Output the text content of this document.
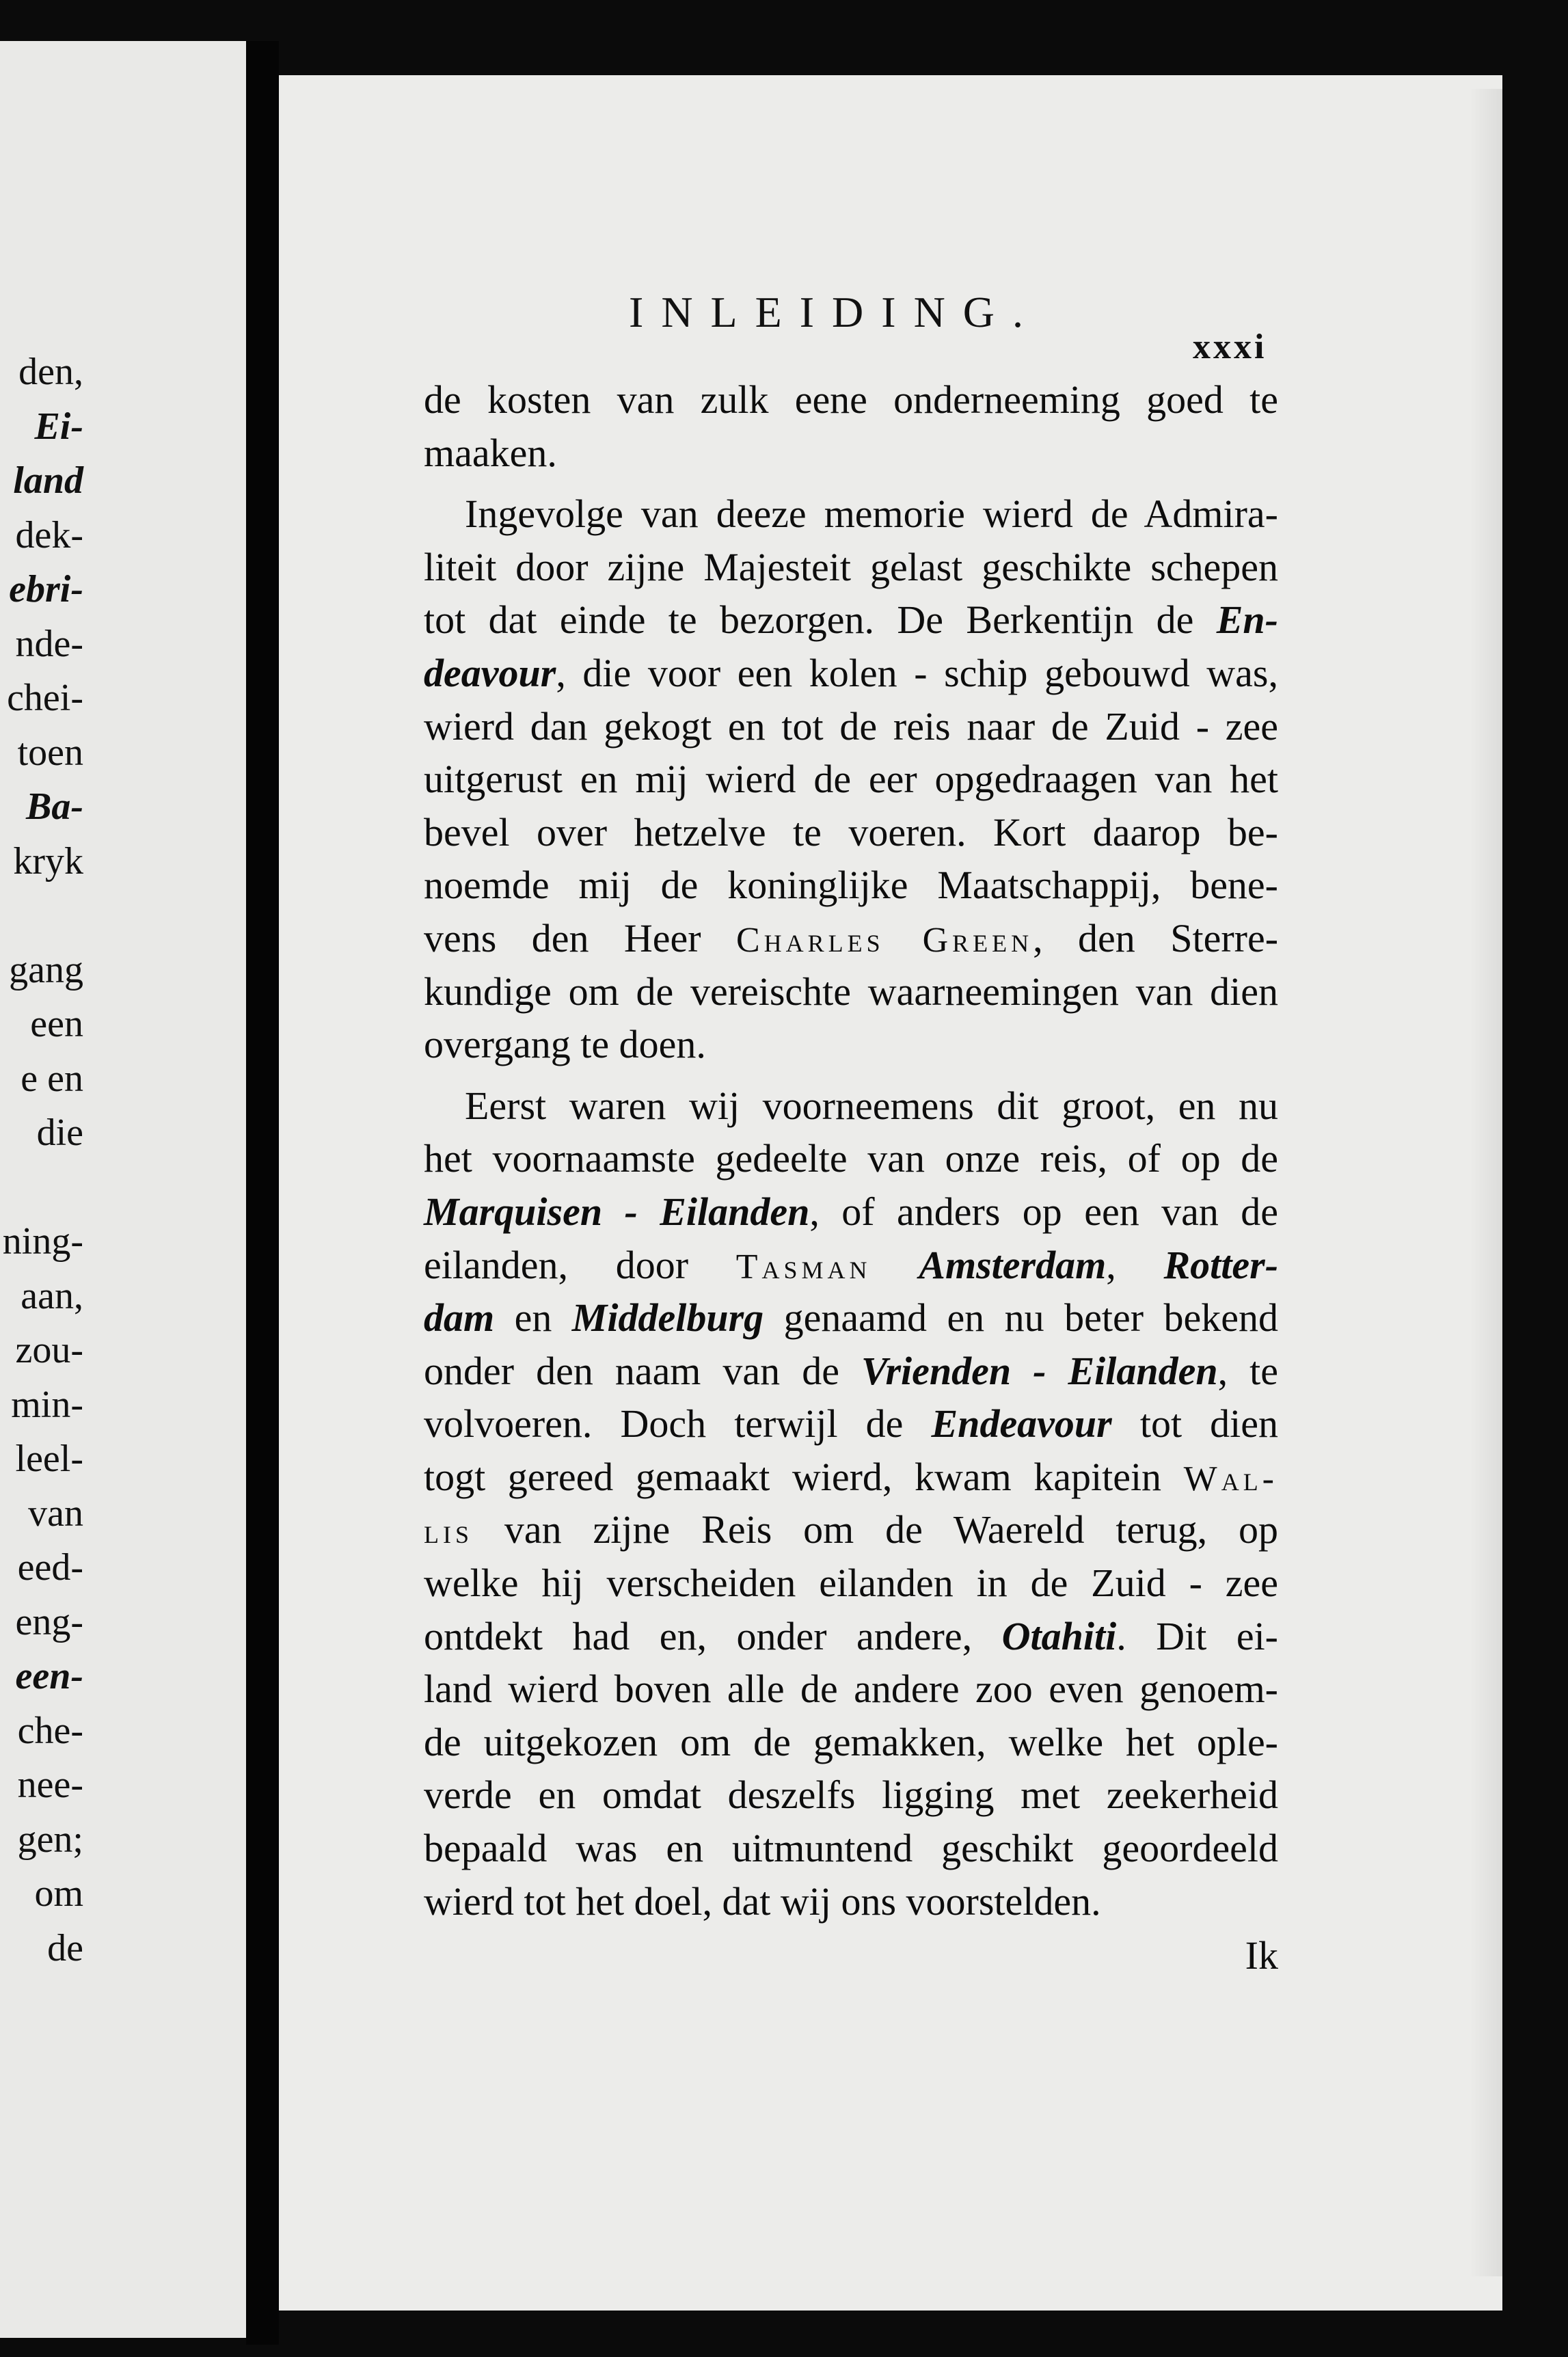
den,
Ei-
land
dek-
ebri-
nde-
chei-
toen
Ba-
kryk
gang
een
e en
die
ning-
aan,
zou-
min-
leel-
van
eed-
eng-
een-
che-
nee-
gen;
om
de
INLEIDING.
xxxi
de kosten van zulk eene onderneeming goed te
maaken.
Ingevolge van deeze memorie wierd de Admira-
liteit door zijne Majesteit gelast geschikte schepen
tot dat einde te bezorgen. De Berkentijn de En-
deavour, die voor een kolen - schip gebouwd was,
wierd dan gekogt en tot de reis naar de Zuid - zee
uitgerust en mij wierd de eer opgedraagen van het
bevel over hetzelve te voeren. Kort daarop be-
noemde mij de koninglijke Maatschappij, bene-
vens den Heer Charles Green, den Sterre-
kundige om de vereischte waarneemingen van dien
overgang te doen.
Eerst waren wij voorneemens dit groot, en nu
het voornaamste gedeelte van onze reis, of op de
Marquisen - Eilanden, of anders op een van de
eilanden, door Tasman Amsterdam, Rotter-
dam en Middelburg genaamd en nu beter bekend
onder den naam van de Vrienden - Eilanden, te
volvoeren. Doch terwijl de Endeavour tot dien
togt gereed gemaakt wierd, kwam kapitein Wal-
lis van zijne Reis om de Waereld terug, op
welke hij verscheiden eilanden in de Zuid - zee
ontdekt had en, onder andere, Otahiti. Dit ei-
land wierd boven alle de andere zoo even genoem-
de uitgekozen om de gemakken, welke het ople-
verde en omdat deszelfs ligging met zeekerheid
bepaald was en uitmuntend geschikt geoordeeld
wierd tot het doel, dat wij ons voorstelden.
Ik
